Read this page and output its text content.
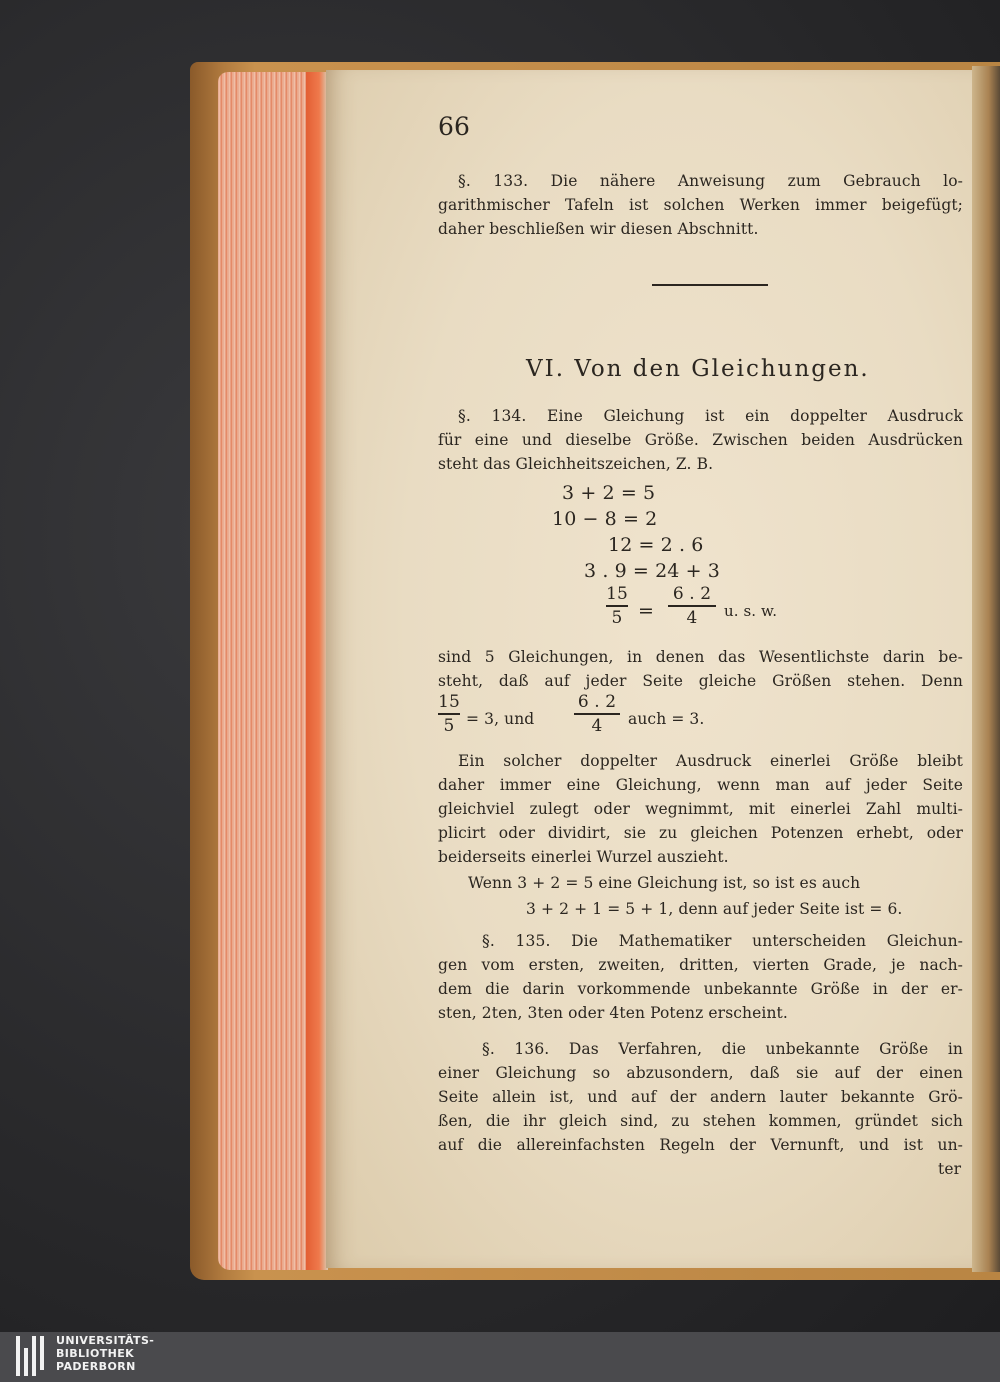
66
§. 133. Die nähere Anweisung zum Gebrauch lo-
garithmischer Tafeln ist solchen Werken immer beigefügt;
daher beschließen wir diesen Abschnitt.
VI. Von den Gleichungen.
§. 134. Eine Gleichung ist ein doppelter Ausdruck
für eine und dieselbe Größe. Zwischen beiden Ausdrücken
steht das Gleichheitszeichen, Z. B.
3 + 2 = 5
10 − 8 = 2
12 = 2 . 6
3 . 9 = 24 + 3
15
5 =
6 . 2
4	u. s. w.
sind 5 Gleichungen, in denen das Wesentlichste darin be-
steht, daß auf jeder Seite gleiche Größen stehen. Denn
15
5 = 3, und
6 . 2
4	auch = 3.
Ein solcher doppelter Ausdruck einerlei Größe bleibt
daher immer eine Gleichung, wenn man auf jeder Seite
gleichviel zulegt oder wegnimmt, mit einerlei Zahl multi-
plicirt oder dividirt, sie zu gleichen Potenzen erhebt, oder
beiderseits einerlei Wurzel auszieht.
Wenn 3 + 2 = 5 eine Gleichung ist, so ist es auch
3 + 2 + 1 = 5 + 1, denn auf jeder Seite ist = 6.
§. 135. Die Mathematiker unterscheiden Gleichun-
gen vom ersten, zweiten, dritten, vierten Grade, je nach-
dem die darin vorkommende unbekannte Größe in der er-
sten, 2ten, 3ten oder 4ten Potenz erscheint.
§. 136. Das Verfahren, die unbekannte Größe in
einer Gleichung so abzusondern, daß sie auf der einen
Seite allein ist, und auf der andern lauter bekannte Grö-
ßen, die ihr gleich sind, zu stehen kommen, gründet sich
auf die allereinfachsten Regeln der Vernunft, und ist un-
ter
UNIVERSITÄTS-
BIBLIOTHEK
PADERBORN
